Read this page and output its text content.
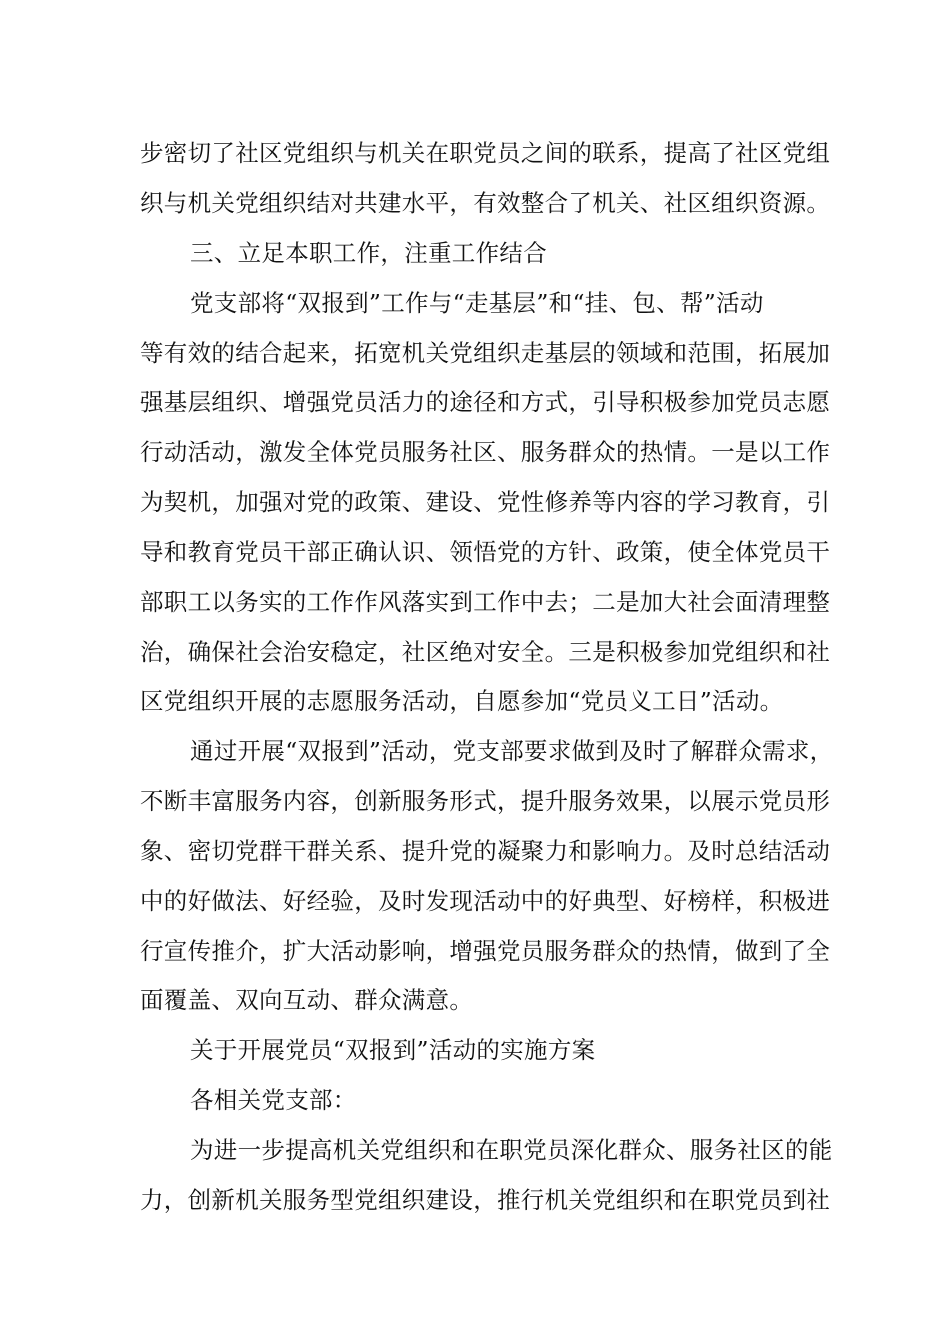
步密切了社区党组织与机关在职党员之间的联系，提高了社区党组

织与机关党组织结对共建水平，有效整合了机关、社区组织资源。

三、立足本职工作，注重工作结合

党支部将“双报到”工作与“走基层”和“挂、包、帮”活动

等有效的结合起来，拓宽机关党组织走基层的领域和范围，拓展加

强基层组织、增强党员活力的途径和方式，引导积极参加党员志愿

行动活动，激发全体党员服务社区、服务群众的热情。一是以工作

为契机，加强对党的政策、建设、党性修养等内容的学习教育，引

导和教育党员干部正确认识、领悟党的方针、政策，使全体党员干

部职工以务实的工作作风落实到工作中去；二是加大社会面清理整

治，确保社会治安稳定，社区绝对安全。三是积极参加党组织和社

区党组织开展的志愿服务活动，自愿参加“党员义工日”活动。

通过开展“双报到”活动，党支部要求做到及时了解群众需求，

不断丰富服务内容，创新服务形式，提升服务效果，以展示党员形

象、密切党群干群关系、提升党的凝聚力和影响力。及时总结活动

中的好做法、好经验，及时发现活动中的好典型、好榜样，积极进

行宣传推介，扩大活动影响，增强党员服务群众的热情，做到了全

面覆盖、双向互动、群众满意。

关于开展党员“双报到”活动的实施方案

各相关党支部：

为进一步提高机关党组织和在职党员深化群众、服务社区的能

力，创新机关服务型党组织建设，推行机关党组织和在职党员到社
